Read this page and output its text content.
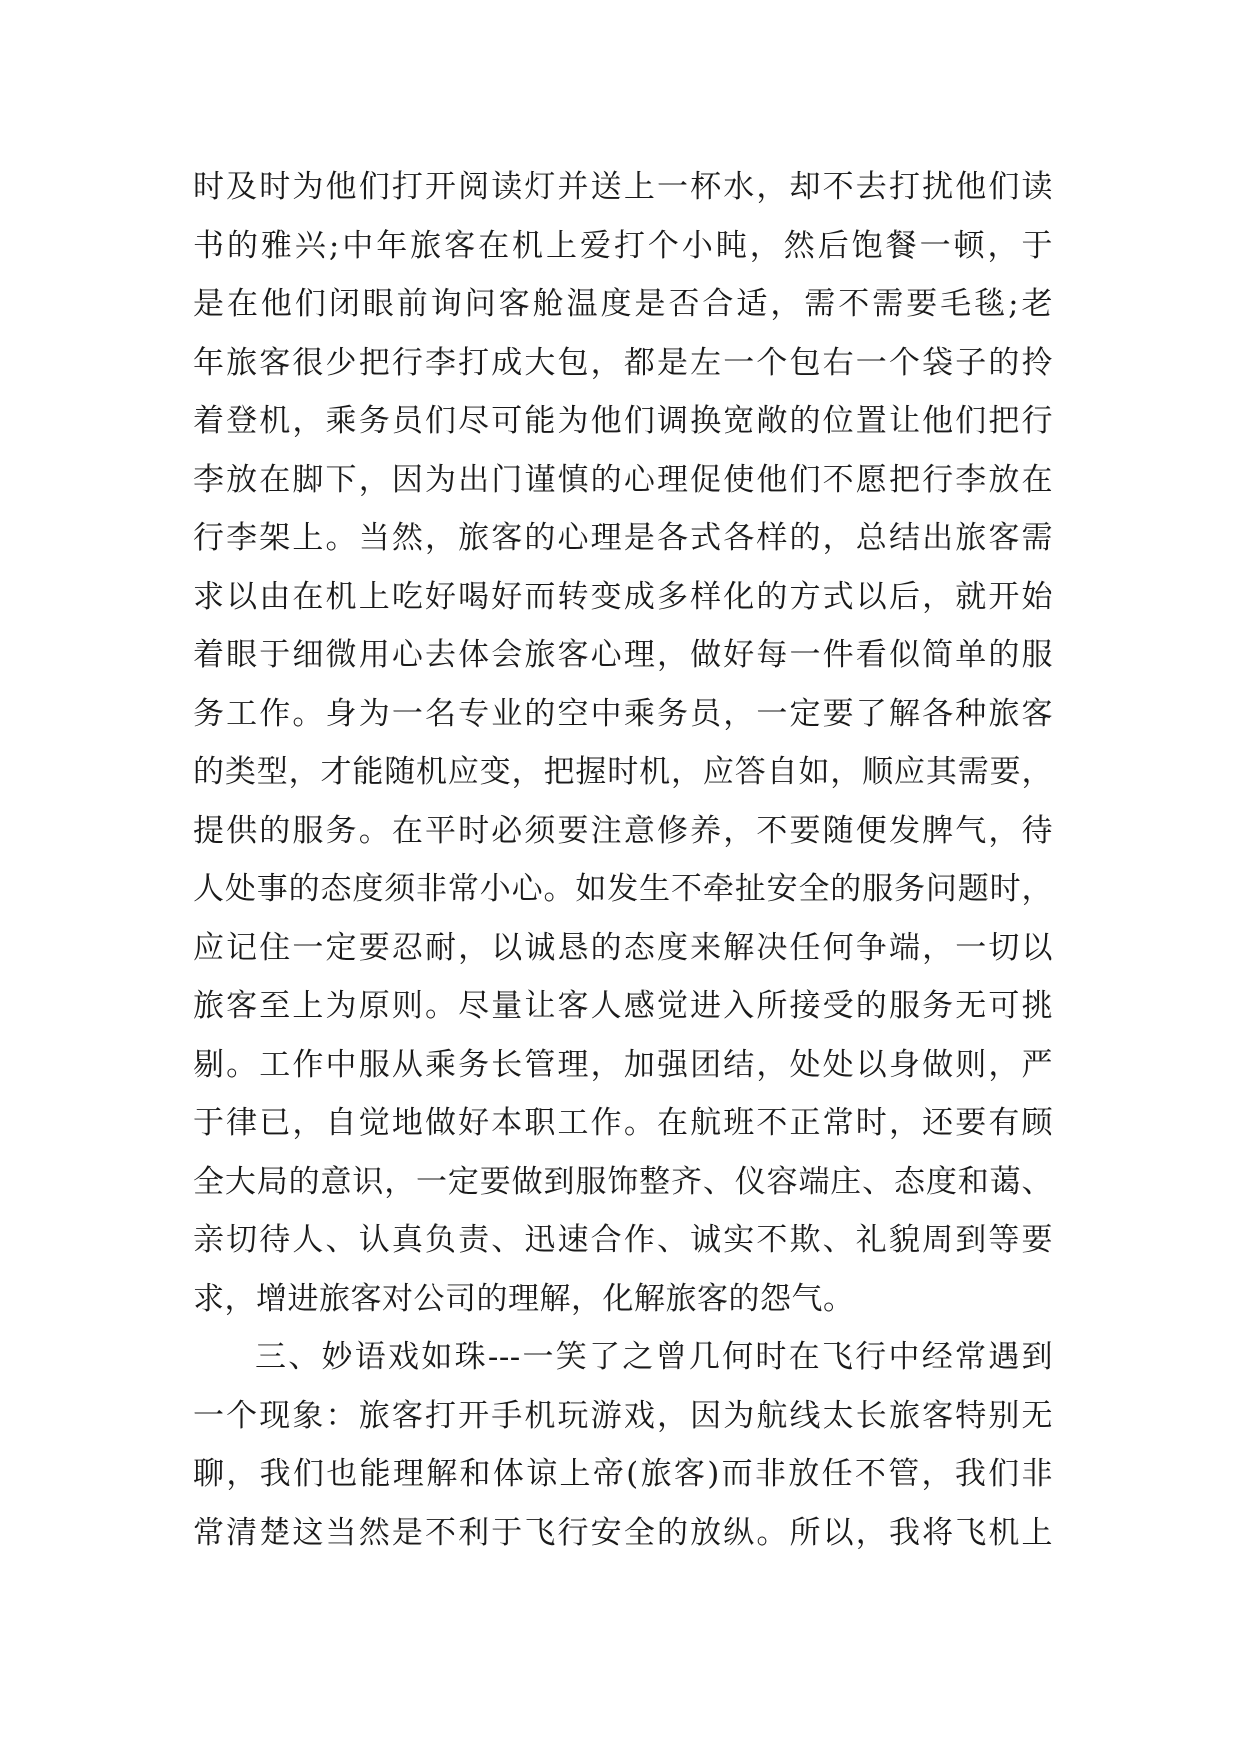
时及时为他们打开阅读灯并送上一杯水，却不去打扰他们读
书的雅兴;中年旅客在机上爱打个小盹，然后饱餐一顿，于
是在他们闭眼前询问客舱温度是否合适，需不需要毛毯;老
年旅客很少把行李打成大包，都是左一个包右一个袋子的拎
着登机，乘务员们尽可能为他们调换宽敞的位置让他们把行
李放在脚下，因为出门谨慎的心理促使他们不愿把行李放在
行李架上。当然，旅客的心理是各式各样的，总结出旅客需
求以由在机上吃好喝好而转变成多样化的方式以后，就开始
着眼于细微用心去体会旅客心理，做好每一件看似简单的服
务工作。身为一名专业的空中乘务员，一定要了解各种旅客
的类型，才能随机应变，把握时机，应答自如，顺应其需要，
提供的服务。在平时必须要注意修养，不要随便发脾气，待
人处事的态度须非常小心。如发生不牵扯安全的服务问题时，
应记住一定要忍耐，以诚恳的态度来解决任何争端，一切以
旅客至上为原则。尽量让客人感觉进入所接受的服务无可挑
剔。工作中服从乘务长管理，加强团结，处处以身做则，严
于律已，自觉地做好本职工作。在航班不正常时，还要有顾
全大局的意识，一定要做到服饰整齐、仪容端庄、态度和蔼、
亲切待人、认真负责、迅速合作、诚实不欺、礼貌周到等要
求，增进旅客对公司的理解，化解旅客的怨气。
三、妙语戏如珠---一笑了之曾几何时在飞行中经常遇到
一个现象：旅客打开手机玩游戏，因为航线太长旅客特别无
聊，我们也能理解和体谅上帝(旅客)而非放任不管，我们非
常清楚这当然是不利于飞行安全的放纵。所以，我将飞机上
